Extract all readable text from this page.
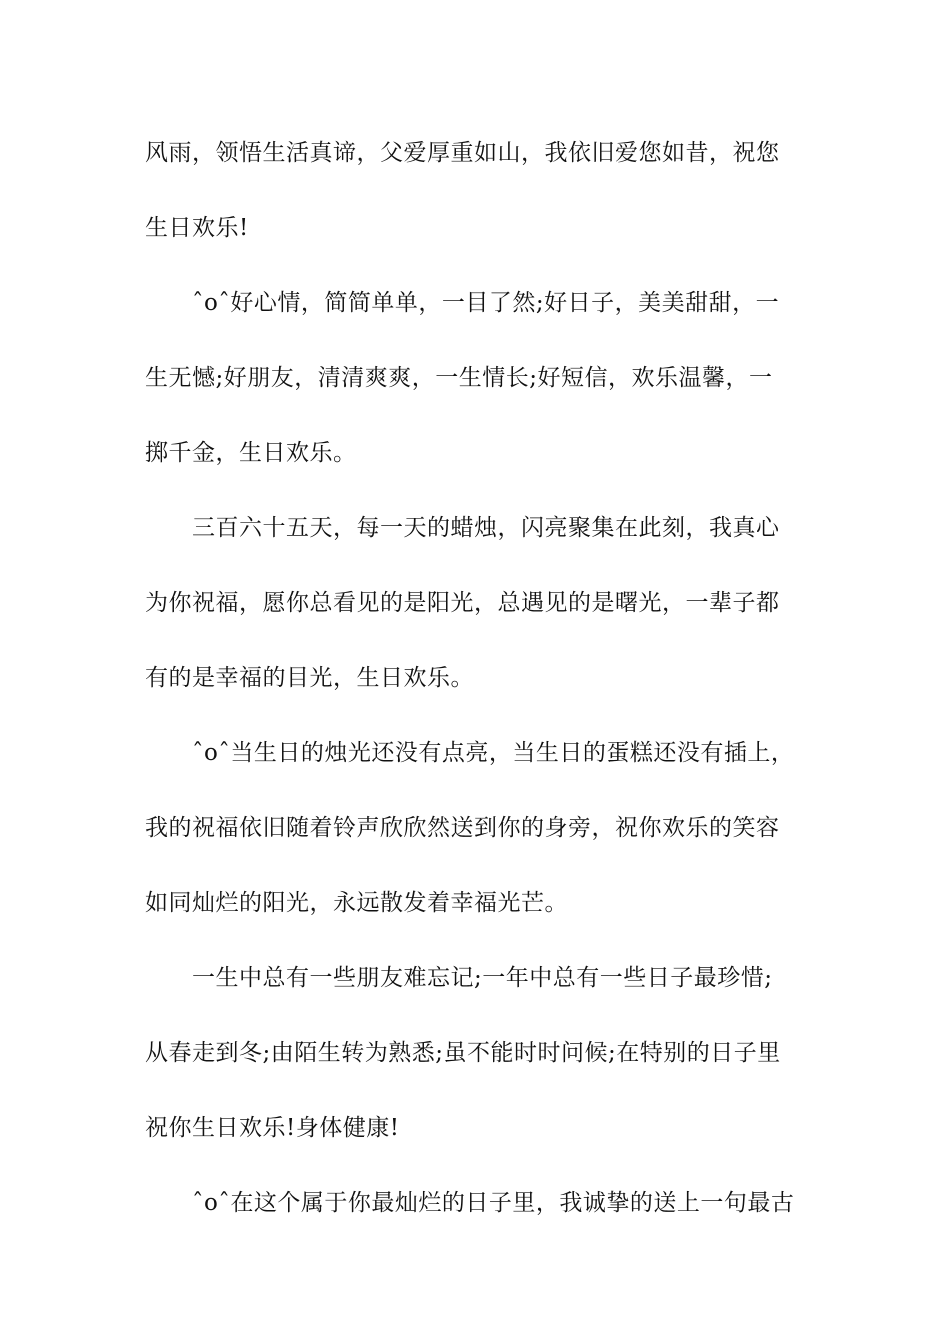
风雨，领悟生活真谛，父爱厚重如山，我依旧爱您如昔，祝您
生日欢乐!
　　ˆoˆ好心情，简简单单，一目了然;好日子，美美甜甜，一
生无憾;好朋友，清清爽爽，一生情长;好短信，欢乐温馨，一
掷千金，生日欢乐。
　　三百六十五天，每一天的蜡烛，闪亮聚集在此刻，我真心
为你祝福，愿你总看见的是阳光，总遇见的是曙光，一辈子都
有的是幸福的目光，生日欢乐。
　　ˆoˆ当生日的烛光还没有点亮，当生日的蛋糕还没有插上，
我的祝福依旧随着铃声欣欣然送到你的身旁，祝你欢乐的笑容
如同灿烂的阳光，永远散发着幸福光芒。
　　一生中总有一些朋友难忘记;一年中总有一些日子最珍惜;
从春走到冬;由陌生转为熟悉;虽不能时时问候;在特别的日子里
祝你生日欢乐!身体健康!
　　ˆoˆ在这个属于你最灿烂的日子里，我诚挚的送上一句最古
